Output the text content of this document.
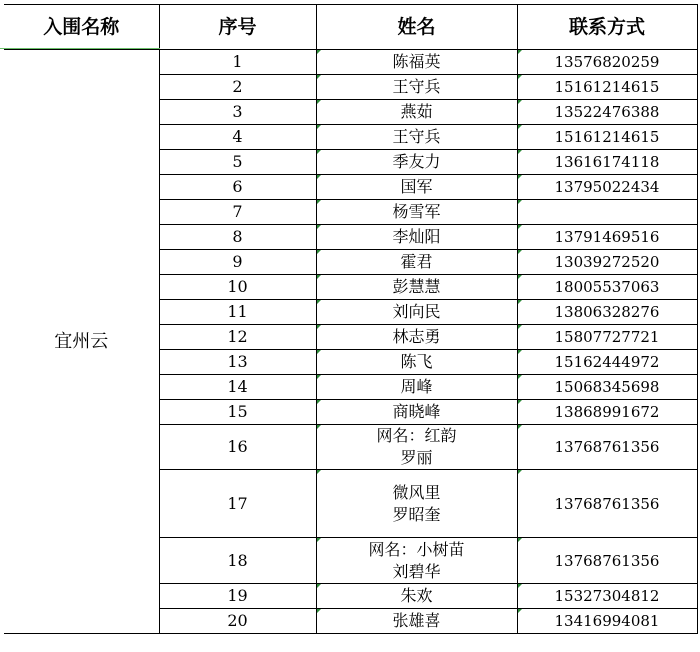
入围名称	序号	姓名	联系方式
宜州云	1	陈福英	13576820259
	2	王守兵	15161214615
	3	燕茹	13522476388
	4	王守兵	15161214615
	5	季友力	13616174118
	6	国军	13795022434
	7	杨雪军	

	8	李灿阳	13791469516
	9	霍君	13039272520
	10	彭慧慧	18005537063
	11	刘向民	13806328276
	12	林志勇	15807727721
	13	陈飞	15162444972
	14	周峰	15068345698
	15	商晓峰	13868991672
	16	网名：红韵
罗丽	13768761356
	17	微风里
罗昭奎	13768761356
	18	网名：小树苗
刘碧华	13768761356
	19	朱欢	15327304812
	20	张雄喜	13416994081
